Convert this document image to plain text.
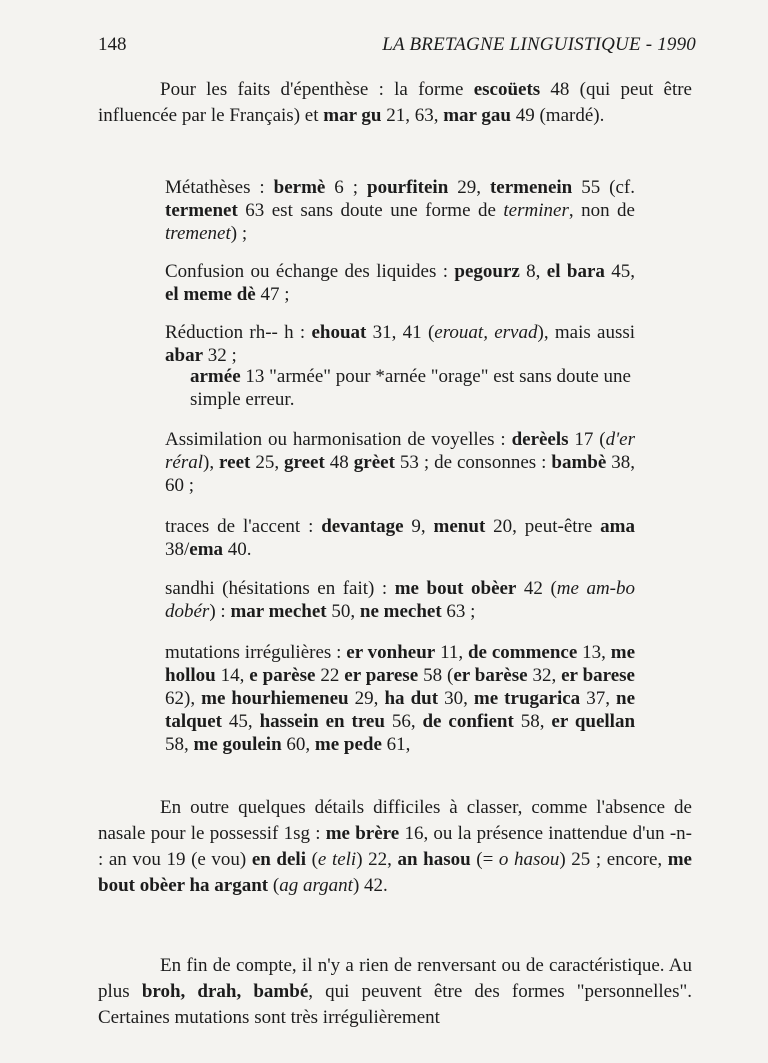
148	LA BRETAGNE LINGUISTIQUE - 1990

Pour les faits d'épenthèse : la forme escoüets 48 (qui peut être influencée par le Français) et mar gu 21, 63, mar gau 49 (mardé).

Métathèses : bermè 6 ; pourfitein 29, termenein 55 (cf. termenet 63 est sans doute une forme de terminer, non de tremenet) ;

Confusion ou échange des liquides : pegourz 8, el bara 45, el meme dè 47 ;

Réduction rh-- h : ehouat 31, 41 (erouat, ervad), mais aussi abar 32 ;

armée 13 "armée" pour *arnée "orage" est sans doute une simple erreur.

Assimilation ou harmonisation de voyelles : derèels 17 (d'er réral), reet 25, greet 48 grèet 53 ; de consonnes : bambè 38, 60 ;

traces de l'accent : devantage 9, menut 20, peut-être ama 38/ema 40.

sandhi (hésitations en fait) : me bout obèer 42 (me am-bo dobér) : mar mechet 50, ne mechet 63 ;

mutations irrégulières : er vonheur 11, de commence 13, me hollou 14, e parèse 22 er parese 58 (er barèse 32, er barese 62), me hourhiemeneu 29, ha dut 30, me trugarica 37, ne talquet 45, hassein en treu 56, de confient 58, er quellan 58, me goulein 60, me pede 61,

En outre quelques détails difficiles à classer, comme l'absence de nasale pour le possessif 1sg : me brère 16, ou la présence inattendue d'un -n- : an vou 19 (e vou) en deli (e teli) 22, an hasou (= o hasou) 25 ; encore, me bout obèer ha argant (ag argant) 42.

En fin de compte, il n'y a rien de renversant ou de caractéristique. Au plus broh, drah, bambé, qui peuvent être des formes "personnelles". Certaines mutations sont très irrégulièrement
